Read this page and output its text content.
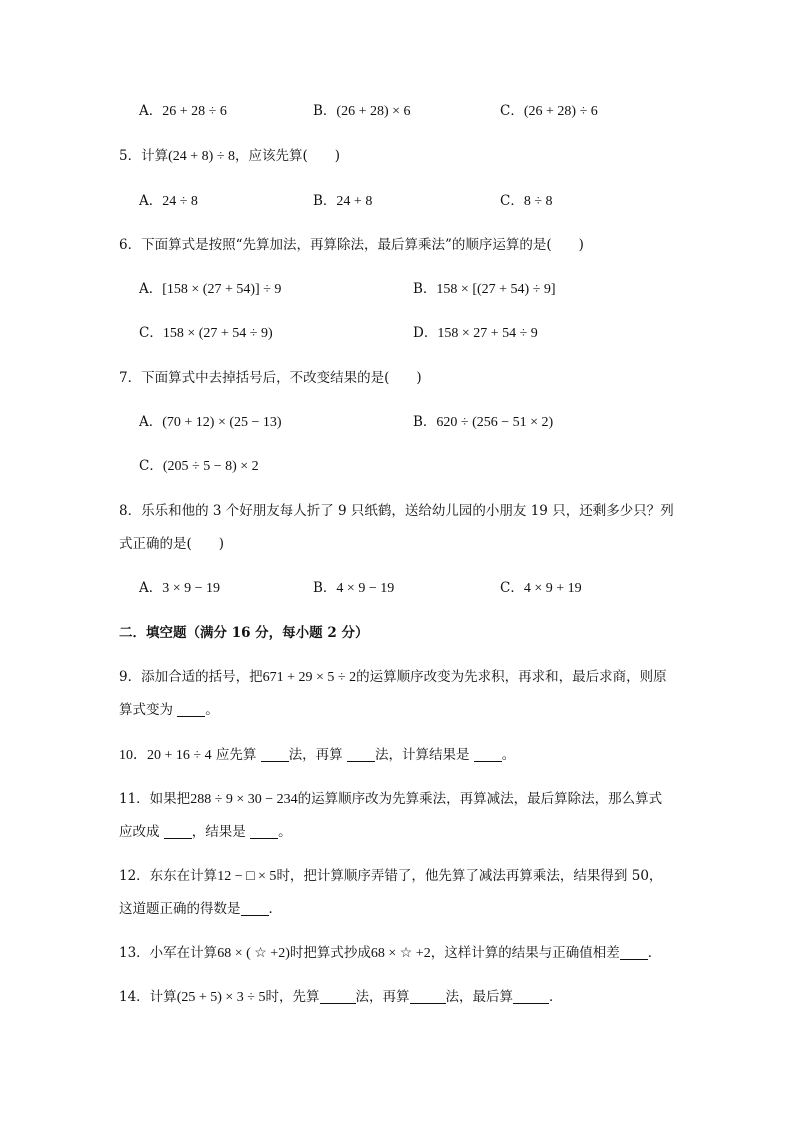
A．26 + 28 ÷ 6	B．(26 + 28) × 6	C．(26 + 28) ÷ 6
5．计算(24 + 8) ÷ 8，应该先算(　　)
A．24 ÷ 8	B．24 + 8	C．8 ÷ 8
6．下面算式是按照“先算加法，再算除法，最后算乘法”的顺序运算的是(　　)
A．[158 × (27 + 54)] ÷ 9	B．158 × [(27 + 54) ÷ 9]
C．158 × (27 + 54 ÷ 9)	D．158 × 27 + 54 ÷ 9
7．下面算式中去掉括号后，不改变结果的是(　　)
A．(70 + 12) × (25 − 13)	B．620 ÷ (256 − 51 × 2)
C．(205 ÷ 5 − 8) × 2
8．乐乐和他的 3 个好朋友每人折了 9 只纸鹤，送给幼儿园的小朋友 19 只，还剩多少只？列
式正确的是(　　)
A．3 × 9 − 19	B．4 × 9 − 19	C．4 × 9 + 19
二．填空题（满分 16 分，每小题 2 分）
9．添加合适的括号，把671 + 29 × 5 ÷ 2的运算顺序改变为先求积，再求和，最后求商，则原
算式变为 。
10．20 + 16 ÷ 4 应先算 法，再算 法，计算结果是 。
11．如果把288 ÷ 9 × 30 − 234的运算顺序改为先算乘法，再算减法，最后算除法，那么算式
应改成 ，结果是 。
12．东东在计算12 − □ × 5时，把计算顺序弄错了，他先算了减法再算乘法，结果得到 50，
这道题正确的得数是 ．
13．小军在计算68 × ( ☆ +2)时把算式抄成68 × ☆ +2，这样计算的结果与正确值相差 ．
14．计算(25 + 5) × 3 ÷ 5时，先算	法，再算	法，最后算	．
